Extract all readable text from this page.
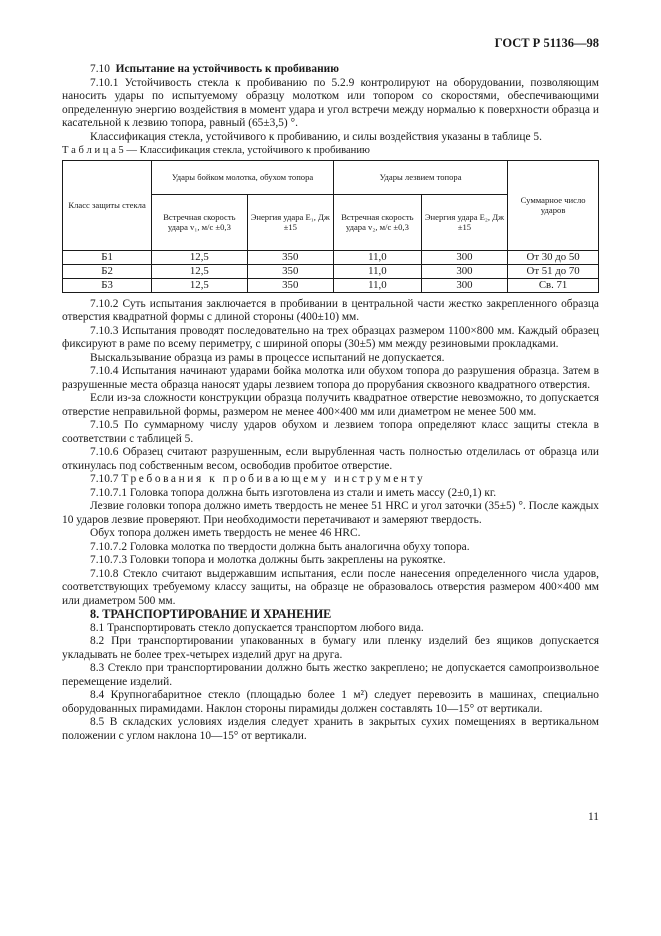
ГОСТ Р 51136—98

7.10 Испытание на устойчивость к пробиванию

7.10.1 Устойчивость стекла к пробиванию по 5.2.9 контролируют на оборудовании, позволяющим наносить удары по испытуемому образцу молотком или топором со скоростями, обеспечивающими определенную энергию воздействия в момент удара и угол встречи между нормалью к поверхности образца и касательной к лезвию топора, равный (65±3,5) °.

Классификация стекла, устойчивого к пробиванию, и силы воздействия указаны в таблице 5.

Т а б л и ц а 5 — Классификация стекла, устойчивого к пробиванию

Класс защиты стекла	Удары бойком молотка, обухом топора		Удары лезвием топора		Суммарное число ударов
	Встречная скорость удара v₁, м/с ±0,3	Энергия удара E₁, Дж ±15	Встречная скорость удара v₂, м/с ±0,3	Энергия удара E₂, Дж ±15	
Б1	12,5	350	11,0	300	От 30 до 50
Б2	12,5	350	11,0	300	От 51 до 70
Б3	12,5	350	11,0	300	Св. 71

7.10.2 Суть испытания заключается в пробивании в центральной части жестко закрепленного образца отверстия квадратной формы с длиной стороны (400±10) мм.

7.10.3 Испытания проводят последовательно на трех образцах размером 1100×800 мм. Каждый образец фиксируют в раме по всему периметру, с шириной опоры (30±5) мм между резиновыми прокладками.

Выскальзывание образца из рамы в процессе испытаний не допускается.

7.10.4 Испытания начинают ударами бойка молотка или обухом топора до разрушения образца. Затем в разрушенные места образца наносят удары лезвием топора до прорубания сквозного квадратного отверстия.

Если из-за сложности конструкции образца получить квадратное отверстие невозможно, то допускается отверстие неправильной формы, размером не менее 400×400 мм или диаметром не менее 500 мм.

7.10.5 По суммарному числу ударов обухом и лезвием топора определяют класс защиты стекла в соответствии с таблицей 5.

7.10.6 Образец считают разрушенным, если вырубленная часть полностью отделилась от образца или откинулась под собственным весом, освободив пробитое отверстие.

7.10.7 Требования к пробивающему инструменту

7.10.7.1 Головка топора должна быть изготовлена из стали и иметь массу (2±0,1) кг.

Лезвие головки топора должно иметь твердость не менее 51 HRC и угол заточки (35±5) °. После каждых 10 ударов лезвие проверяют. При необходимости перетачивают и замеряют твердость.

Обух топора должен иметь твердость не менее 46 HRC.

7.10.7.2 Головка молотка по твердости должна быть аналогична обуху топора.

7.10.7.3 Головки топора и молотка должны быть закреплены на рукоятке.

7.10.8 Стекло считают выдержавшим испытания, если после нанесения определенного числа ударов, соответствующих требуемому классу защиты, на образце не образовалось отверстия размером 400×400 мм или диаметром 500 мм.

8. ТРАНСПОРТИРОВАНИЕ И ХРАНЕНИЕ

8.1 Транспортировать стекло допускается транспортом любого вида.

8.2 При транспортировании упакованных в бумагу или пленку изделий без ящиков допускается укладывать не более трех-четырех изделий друг на друга.

8.3 Стекло при транспортировании должно быть жестко закреплено; не допускается самопроизвольное перемещение изделий.

8.4 Крупногабаритное стекло (площадью более 1 м²) следует перевозить в машинах, специально оборудованных пирамидами. Наклон стороны пирамиды должен составлять 10—15° от вертикали.

8.5 В складских условиях изделия следует хранить в закрытых сухих помещениях в вертикальном положении с углом наклона 10—15° от вертикали.

11
